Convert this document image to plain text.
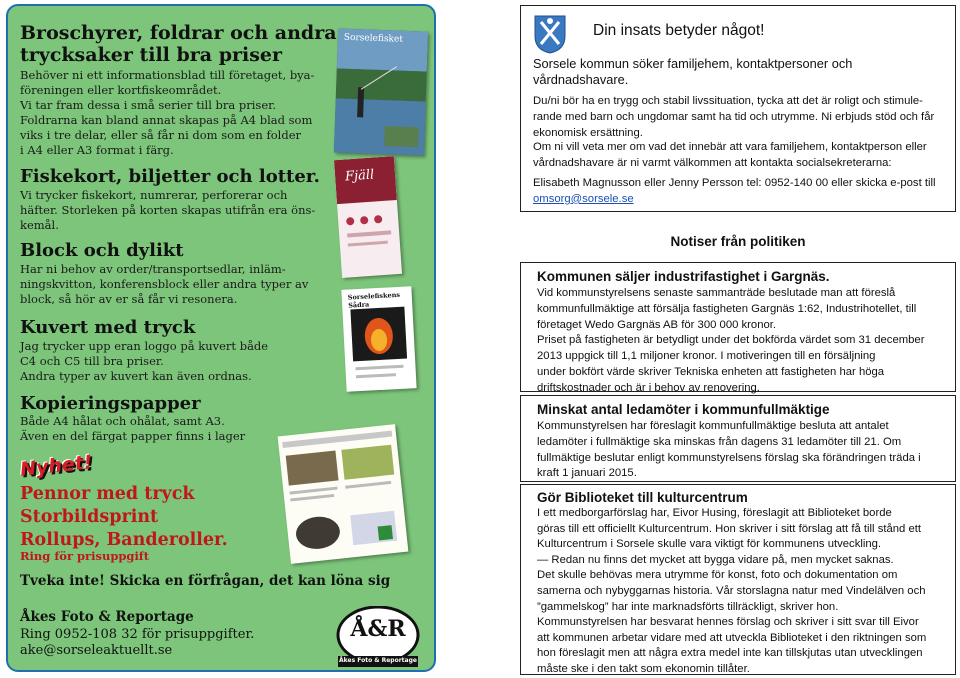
Broschyrer, foldrar och andra trycksaker till bra priser
Behöver ni ett informationsblad till företaget, bya-
föreningen eller kortfiskeområdet.
Vi tar fram dessa i små serier till bra priser.
Foldrarna kan bland annat skapas på A4 blad som
viks i tre delar, eller så får ni dom som en folder
i A4 eller A3 format i färg.
Fiskekort, biljetter och lotter.
Vi trycker fiskekort, numrerar, perforerar och
häfter. Storleken på korten skapas utifrån era öns-
kemål.
Block och dylikt
Har ni behov av order/transportsedlar, inläm-
ningskvitton, konferensblock eller andra typer av
block, så hör av er så får vi resonera.
Kuvert med tryck
Jag trycker upp eran loggo på kuvert både
C4 och C5 till bra priser.
Andra typer av kuvert kan även ordnas.
Kopieringspapper
Både A4 hålat och ohålat, samt A3.
Även en del färgat papper finns i lager
Nyhet!
Pennor med tryck
Storbildsprint
Rollups, Banderoller.
Ring för prisuppgift
Tveka inte! Skicka en förfrågan, det kan löna sig
Åkes Foto & Reportage
Ring 0952-108 32 för prisuppgifter.
ake@sorseleaktuellt.se
Sorselefisket
Fjäll
Sorselefiskens Sådra
Å&R
Åkes Foto & Reportage
Din insats betyder något!
Sorsele kommun söker familjehem, kontaktpersoner och vårdnadshavare.
Du/ni bör ha en trygg och stabil livssituation, tycka att det är roligt och stimule-rande med barn och ungdomar samt ha tid och utrymme. Ni erbjuds stöd och får ekonomisk ersättning.
Om ni vill veta mer om vad det innebär att vara familjehem, kontaktperson eller vårdnadshavare är ni varmt välkommen att kontakta socialsekreterarna:
Elisabeth Magnusson eller Jenny Persson tel: 0952-140 00 eller skicka e-post till omsorg@sorsele.se
Notiser från politiken
Kommunen säljer industrifastighet i Gargnäs.
Vid kommunstyrelsens senaste sammanträde beslutade man att föreslå
kommunfullmäktige att försälja fastigheten Gargnäs 1:62, Industrihotellet, till
företaget Wedo Gargnäs AB för 300 000 kronor.
Priset på fastigheten är betydligt under det bokförda värdet som 31 december
2013 uppgick till 1,1 miljoner kronor. I motiveringen till en försäljning
under bokfört värde skriver Tekniska enheten att fastigheten har höga
driftskostnader och är i behov av renovering.
Minskat antal ledamöter i kommunfullmäktige
Kommunstyrelsen har föreslagit kommunfullmäktige besluta att antalet
ledamöter i fullmäktige ska minskas från dagens 31 ledamöter till 21. Om
fullmäktige beslutar enligt kommunstyrelsens förslag ska förändringen träda i
kraft 1 januari 2015.
Gör Biblioteket till kulturcentrum
I ett medborgarförslag har, Eivor Husing, föreslagit att Biblioteket borde
göras till ett officiellt Kulturcentrum. Hon skriver i sitt förslag att få till stånd ett
Kulturcentrum i Sorsele skulle vara viktigt för kommunens utveckling.
— Redan nu finns det mycket att bygga vidare på, men mycket saknas.
Det skulle behövas mera utrymme för konst, foto och dokumentation om
samerna och nybyggarnas historia. Vår storslagna natur med Vindelälven och
”gammelskog” har inte marknadsförts tillräckligt, skriver hon.
Kommunstyrelsen har besvarat hennes förslag och skriver i sitt svar till Eivor
att kommunen arbetar vidare med att utveckla Biblioteket i den riktningen som
hon föreslagit men att några extra medel inte kan tillskjutas utan utvecklingen
måste ske i den takt som ekonomin tillåter.
